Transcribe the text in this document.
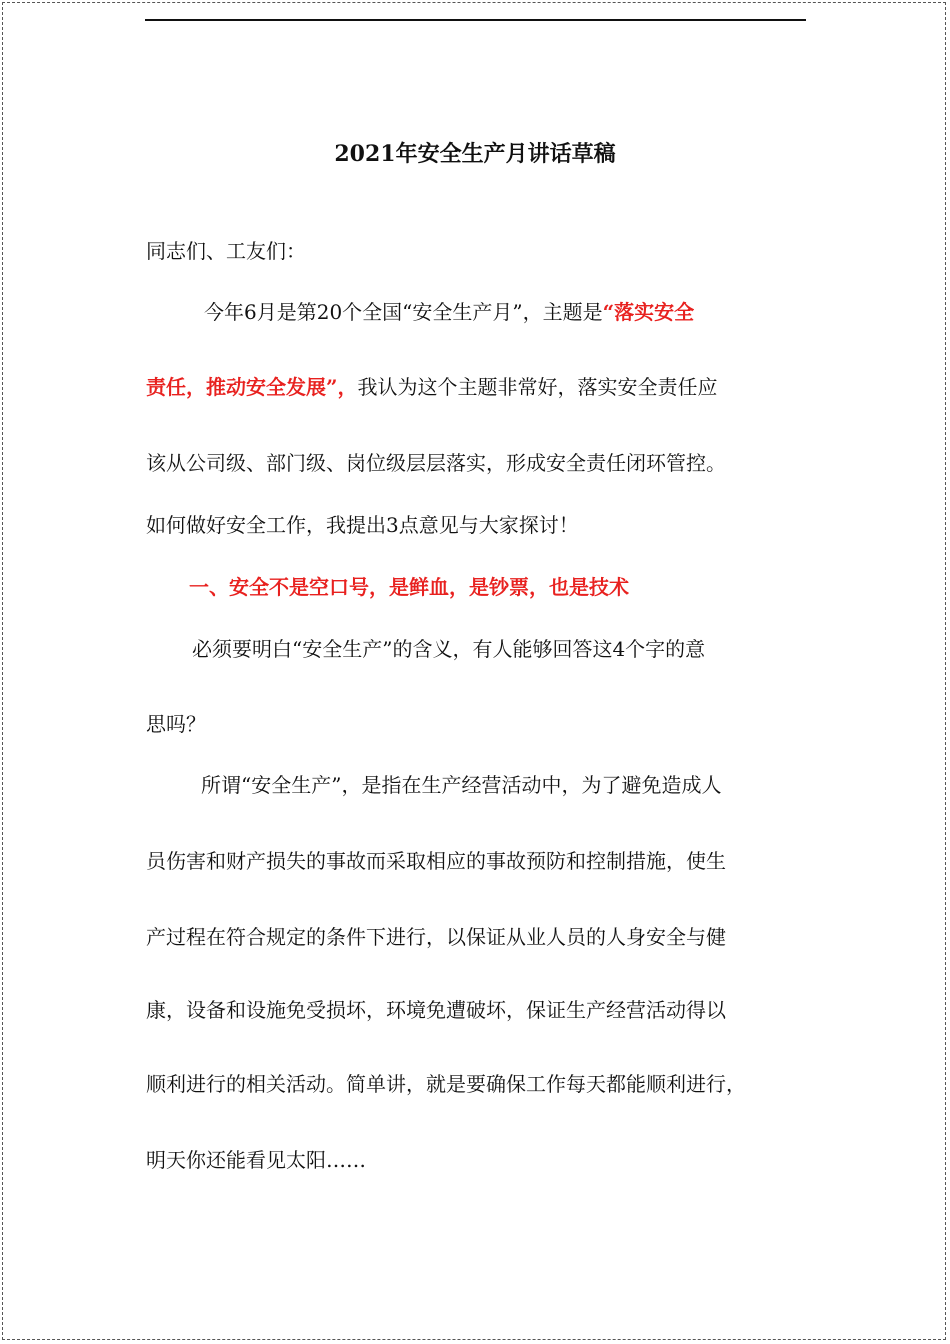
2021年安全生产月讲话草稿
同志们、工友们：
今年6月是第20个全国“安全生产月”，主题是“落实安全
责任，推动安全发展”，我认为这个主题非常好，落实安全责任应
该从公司级、部门级、岗位级层层落实，形成安全责任闭环管控。
如何做好安全工作，我提出3点意见与大家探讨！
一、安全不是空口号，是鲜血，是钞票，也是技术
必须要明白“安全生产”的含义，有人能够回答这4个字的意
思吗？
所谓“安全生产”，是指在生产经营活动中，为了避免造成人
员伤害和财产损失的事故而采取相应的事故预防和控制措施，使生
产过程在符合规定的条件下进行，以保证从业人员的人身安全与健
康，设备和设施免受损坏，环境免遭破坏，保证生产经营活动得以
顺利进行的相关活动。简单讲，就是要确保工作每天都能顺利进行，
明天你还能看见太阳……
